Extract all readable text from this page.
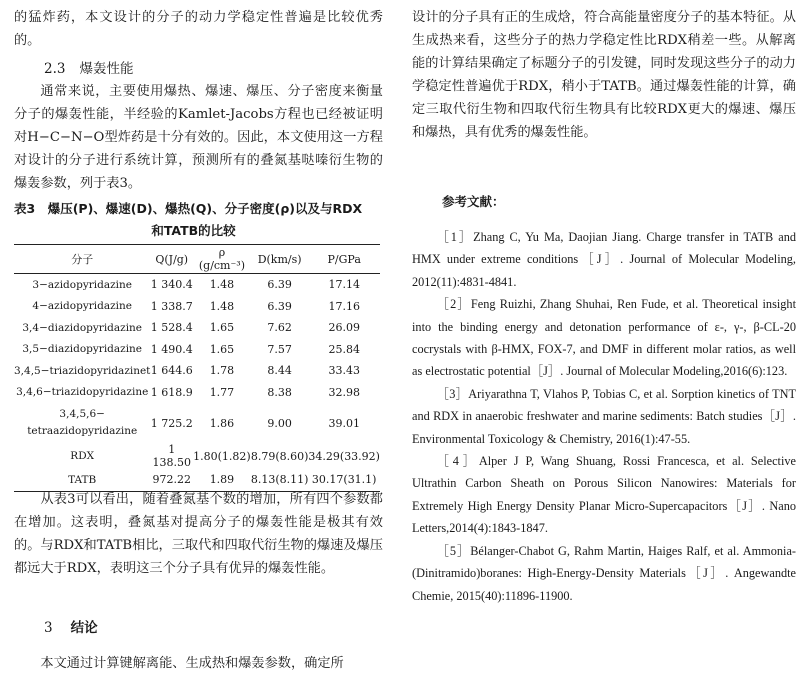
的猛炸药，本文设计的分子的动力学稳定性普遍是比较优秀的。

2.3 爆轰性能

通常来说，主要使用爆热、爆速、爆压、分子密度来衡量分子的爆轰性能，半经验的Kamlet-Jacobs方程也已经被证明对H−C−N−O型炸药是十分有效的。因此，本文使用这一方程对设计的分子进行系统计算，预测所有的叠氮基哒嗪衍生物的爆轰参数，列于表3。

表3　爆压(P)、爆速(D)、爆热(Q)、分子密度(ρ)以及与RDX
和TATB的比较
分子	Q(J/g)	ρ (g/cm⁻³)	D(km/s)	P/GPa
3−azidopyridazine	1 340.4	1.48	6.39	17.14
4−azidopyridazine	1 338.7	1.48	6.39	17.16
3,4−diazidopyridazine	1 528.4	1.65	7.62	26.09
3,5−diazidopyridazine	1 490.4	1.65	7.57	25.84
3,4,5−triazidopyridazinet	1 644.6	1.78	8.44	33.43
3,4,6−triazidopyridazine	1 618.9	1.77	8.38	32.98

3,4,5,6−
tetraazidopyridazine	1 725.2	1.86	9.00	39.01
RDX	1 138.50	1.80(1.82)	8.79(8.60)	34.29(33.92)
TATB	972.22	1.89	8.13(8.11)	30.17(31.1)

从表3可以看出，随着叠氮基个数的增加，所有四个参数都在增加。这表明，叠氮基对提高分子的爆轰性能是极其有效的。与RDX和TATB相比，三取代和四取代衍生物的爆速及爆压都远大于RDX，表明这三个分子具有优异的爆轰性能。

3 结论

本文通过计算键解离能、生成热和爆轰参数，确定所

设计的分子具有正的生成焓，符合高能量密度分子的基本特征。从生成热来看，这些分子的热力学稳定性比RDX稍差一些。从解离能的计算结果确定了标题分子的引发键，同时发现这些分子的动力学稳定性普遍优于RDX，稍小于TATB。通过爆轰性能的计算，确定三取代衍生物和四取代衍生物具有比较RDX更大的爆速、爆压和爆热，具有优秀的爆轰性能。

参考文献：

［1］Zhang C, Yu Ma, Daojian Jiang. Charge transfer in TATB and HMX under extreme conditions［J］. Journal of Molecular Modeling, 2012(11):4831-4841.

［2］Feng Ruizhi, Zhang Shuhai, Ren Fude, et al. Theoretical insight into the binding energy and detonation performance of ε-, γ-, β-CL-20 cocrystals with β-HMX, FOX-7, and DMF in different molar ratios, as well as electrostatic potential［J］. Journal of Molecular Modeling,2016(6):123.

［3］Ariyarathna T, Vlahos P, Tobias C, et al. Sorption kinetics of TNT and RDX in anaerobic freshwater and marine sediments: Batch studies［J］. Environmental Toxicology & Chemistry, 2016(1):47-55.

［4］Alper J P, Wang Shuang, Rossi Francesca, et al. Selective Ultrathin Carbon Sheath on Porous Silicon Nanowires: Materials for Extremely High Energy Density Planar Micro-Supercapacitors［J］. Nano Letters,2014(4):1843-1847.

［5］Bélanger-Chabot G, Rahm Martin, Haiges Ralf, et al. Ammonia-(Dinitramido)boranes: High-Energy-Density Materials［J］. Angewandte Chemie, 2015(40):11896-11900.
